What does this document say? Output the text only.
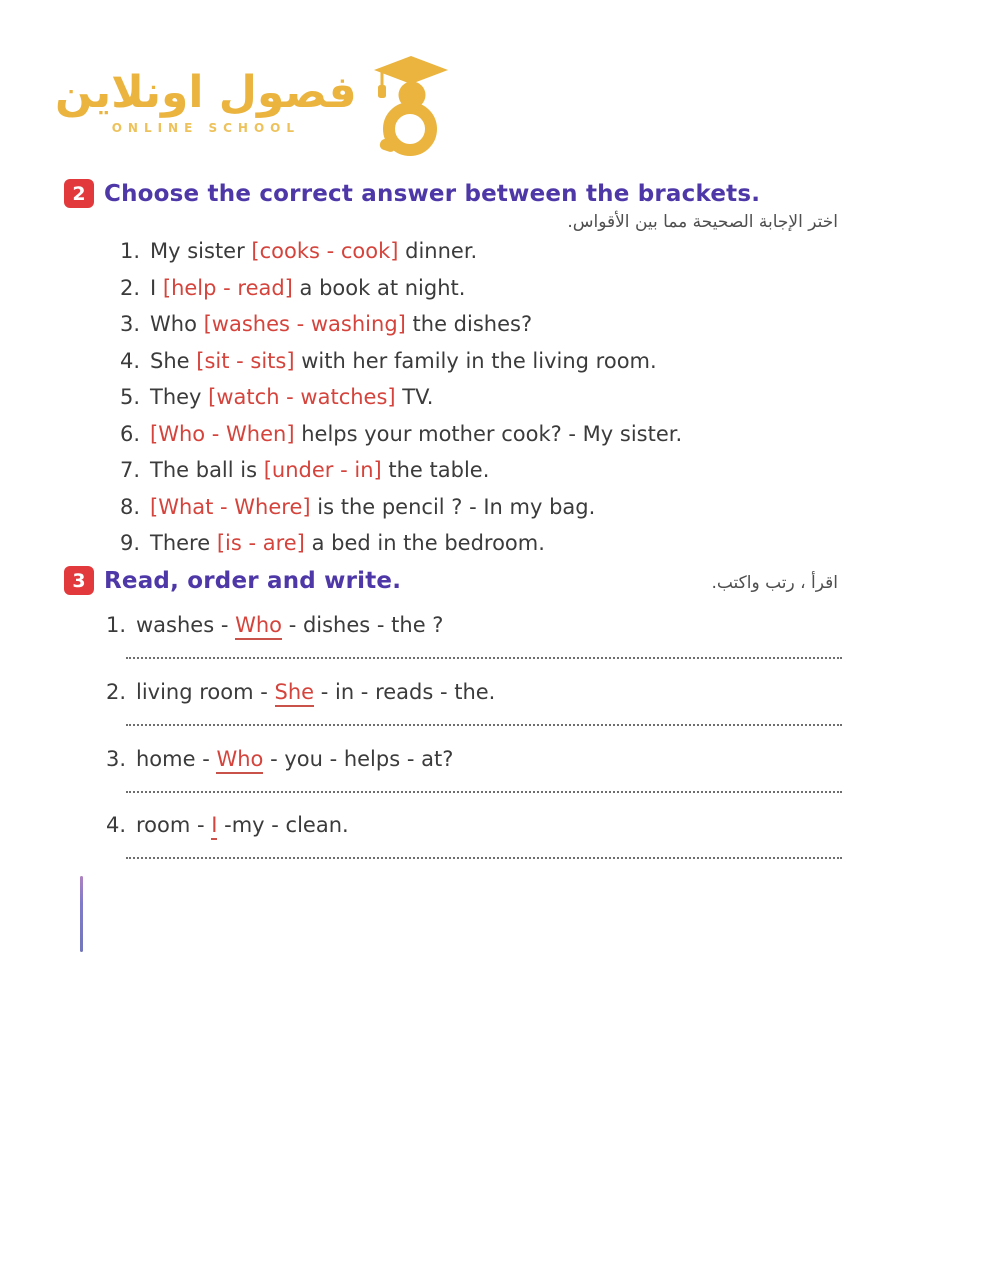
فصول اونلاين
ONLINE SCHOOL
2 Choose the correct answer between the brackets.
اختر الإجابة الصحيحة مما بين الأقواس.
1. My sister [cooks - cook] dinner.
2. I [help - read] a book at night.
3. Who [washes - washing] the dishes?
4. She [sit - sits] with her family in the living room.
5. They [watch - watches] TV.
6. [Who - When] helps your mother cook? - My sister.
7. The ball is [under - in] the table.
8. [What - Where] is the pencil ? - In my bag.
9. There [is - are] a bed in the bedroom.
3 Read, order and write.	اقرأ ، رتب واكتب.
1. washes - Who - dishes - the ?
2. living room - She - in - reads - the.
3. home - Who - you - helps - at?
4. room - I -my - clean.
